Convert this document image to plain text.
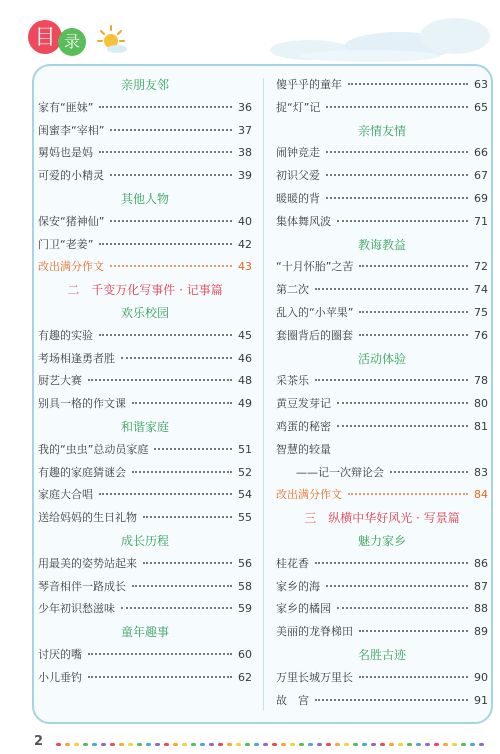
目 录
亲朋友邻
家有“匪妹”	36
闺蜜李“宰相”	37
舅妈也是妈	38
可爱的小精灵	39
其他人物
保安“猪神仙”	40
门卫“老姜”	42
改出满分作文	43
二　千变万化写事件 · 记事篇
欢乐校园
有趣的实验	45
考场相逢勇者胜	46
厨艺大赛	48
别具一格的作文课	49
和谐家庭
我的“虫虫”总动员家庭	51
有趣的家庭猜谜会	52
家庭大合唱	54
送给妈妈的生日礼物	55
成长历程
用最美的姿势站起来	56
琴音相伴一路成长	58
少年初识愁滋味	59
童年趣事
讨厌的嘴	60
小儿垂钓	62
傻乎乎的童年	63
捉“灯”记	65
亲情友情
闹钟竞走	66
初识父爱	67
暖暖的背	69
集体舞风波	71
教诲教益
“十月怀胎”之苦	72
第二次	74
乱入的“小苹果”	75
套圈背后的圈套	76
活动体验
采茶乐	78
黄豆发芽记	80
鸡蛋的秘密	81
智慧的较量
——记一次辩论会	83
改出满分作文	84
三　纵横中华好风光 · 写景篇
魅力家乡
桂花香	86
家乡的海	87
家乡的橘园	88
美丽的龙脊梯田	89
名胜古迹
万里长城万里长	90
故　宫	91
2
